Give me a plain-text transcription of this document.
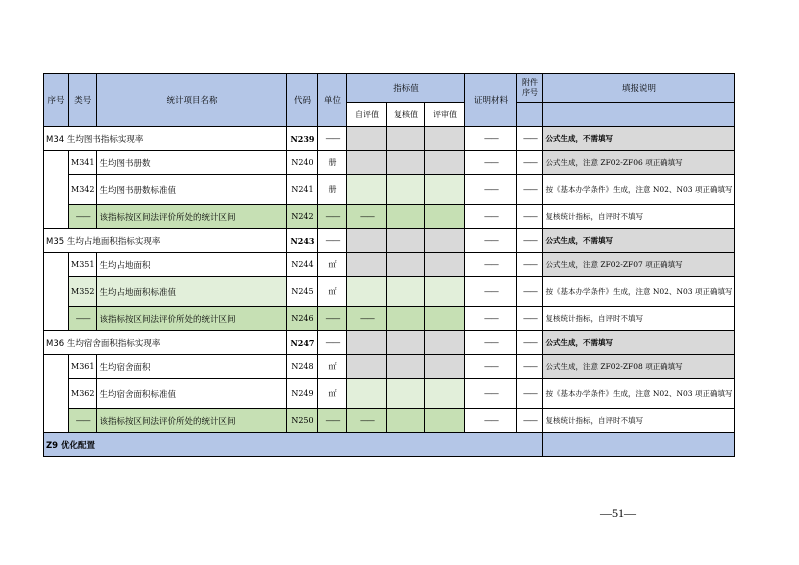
序号	类号	统计项目名称	代码	单位	指标值			证明材料	附件序号	填报说明
					自评值	复核值	评审值			
M34 生均图书指标实现率			N239	——				——	——	公式生成，不需填写
	M341	生均图书册数	N240	册				——	——	公式生成，注意 ZF02-ZF06 项正确填写
	M342	生均图书册数标准值	N241	册				——	——	按《基本办学条件》生成，注意 N02、N03 项正确填写
	——	该指标按区间法评价所处的统计区间	N242	——	——			——	——	复核统计指标，自评时不填写
M35 生均占地面积指标实现率			N243	——				——	——	公式生成，不需填写
	M351	生均占地面积	N244	㎡				——	——	公式生成，注意 ZF02-ZF07 项正确填写
	M352	生均占地面积标准值	N245	㎡				——	——	按《基本办学条件》生成，注意 N02、N03 项正确填写
	——	该指标按区间法评价所处的统计区间	N246	——	——			——	——	复核统计指标，自评时不填写
M36 生均宿舍面积指标实现率			N247	——				——	——	公式生成，不需填写
	M361	生均宿舍面积	N248	㎡				——	——	公式生成，注意 ZF02-ZF08 项正确填写
	M362	生均宿舍面积标准值	N249	㎡				——	——	按《基本办学条件》生成，注意 N02、N03 项正确填写
	——	该指标按区间法评价所处的统计区间	N250	——	——			——	——	复核统计指标，自评时不填写
Z9 优化配置										
—51—
